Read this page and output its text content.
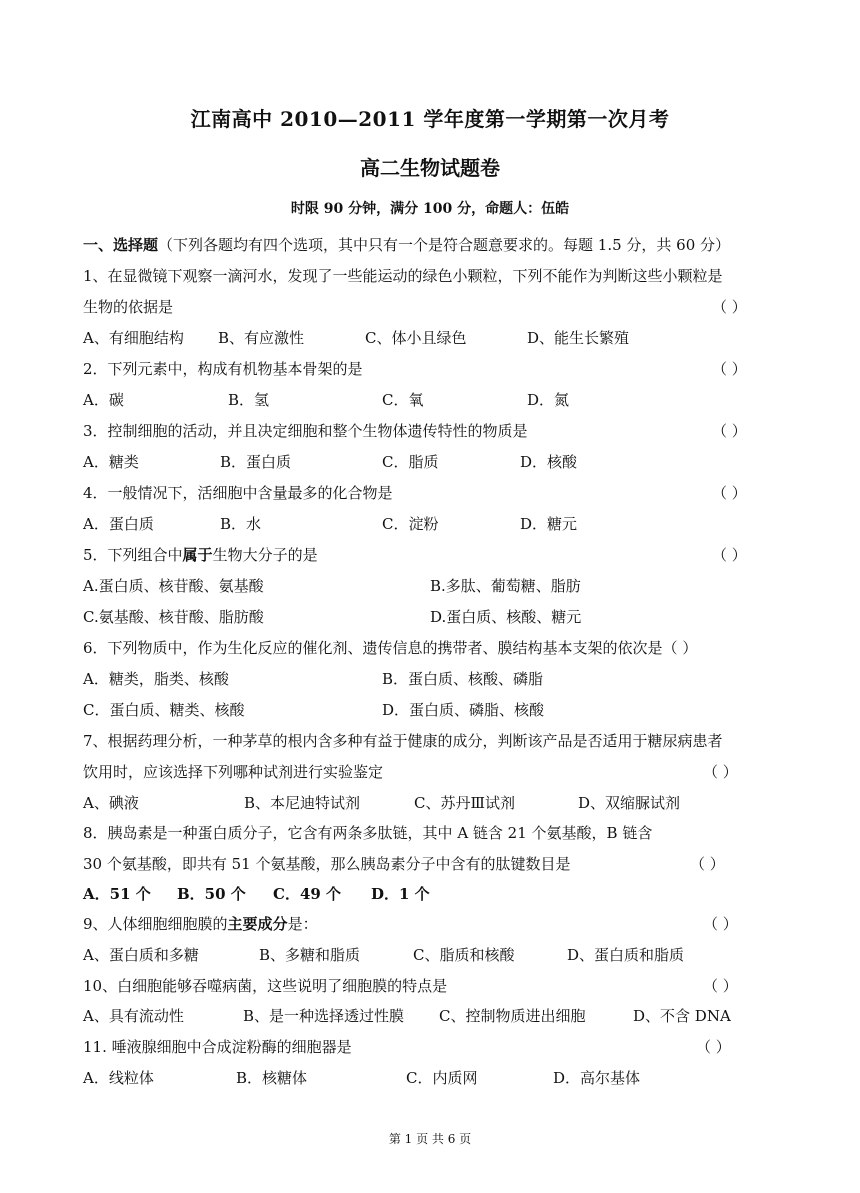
江南高中 2010—2011 学年度第一学期第一次月考
高二生物试题卷
时限 90 分钟，满分 100 分，命题人：伍皓
一、选择题（下列各题均有四个选项，其中只有一个是符合题意要求的。每题 1.5 分，共 60 分）
1、在显微镜下观察一滴河水，发现了一些能运动的绿色小颗粒，下列不能作为判断这些小颗粒是
生物的依据是	（ ）
A、有细胞结构 B、有应激性	C、体小且绿色	D、能生长繁殖
2．下列元素中，构成有机物基本骨架的是	（ ）
A．碳	B．氢	C．氧	D．氮
3．控制细胞的活动，并且决定细胞和整个生物体遗传特性的物质是	（ ）
A．糖类	B．蛋白质	C．脂质	D．核酸
4．一般情况下，活细胞中含量最多的化合物是	（ ）
A．蛋白质	B．水	C．淀粉	D．糖元
5．下列组合中属于生物大分子的是	（ ）
A.蛋白质、核苷酸、氨基酸	B.多肽、葡萄糖、脂肪
C.氨基酸、核苷酸、脂肪酸	D.蛋白质、核酸、糖元
6．下列物质中，作为生化反应的催化剂、遗传信息的携带者、膜结构基本支架的依次是（ ）
A．糖类，脂类、核酸	B．蛋白质、核酸、磷脂
C．蛋白质、糖类、核酸	D．蛋白质、磷脂、核酸
7、根据药理分析，一种茅草的根内含多种有益于健康的成分，判断该产品是否适用于糖尿病患者
饮用时，应该选择下列哪种试剂进行实验鉴定	（ ）
A、碘液	B、本尼迪特试剂	C、苏丹Ⅲ试剂	D、双缩脲试剂
8．胰岛素是一种蛋白质分子，它含有两条多肽链，其中 A 链含 21 个氨基酸，B 链含
30 个氨基酸，即共有 51 个氨基酸，那么胰岛素分子中含有的肽键数目是	（ ）
A．51 个 B．50 个 C．49 个 D．1 个
9、人体细胞细胞膜的主要成分是：	（ ）
A、蛋白质和多糖	B、多糖和脂质	C、脂质和核酸	D、蛋白质和脂质
10、白细胞能够吞噬病菌，这些说明了细胞膜的特点是	（ ）
A、具有流动性	B、是一种选择透过性膜 C、控制物质进出细胞	D、不含 DNA
11. 唾液腺细胞中合成淀粉酶的细胞器是	（ ）
A．线粒体	B．核糖体	C．内质网	D．高尔基体
第 1 页 共 6 页
